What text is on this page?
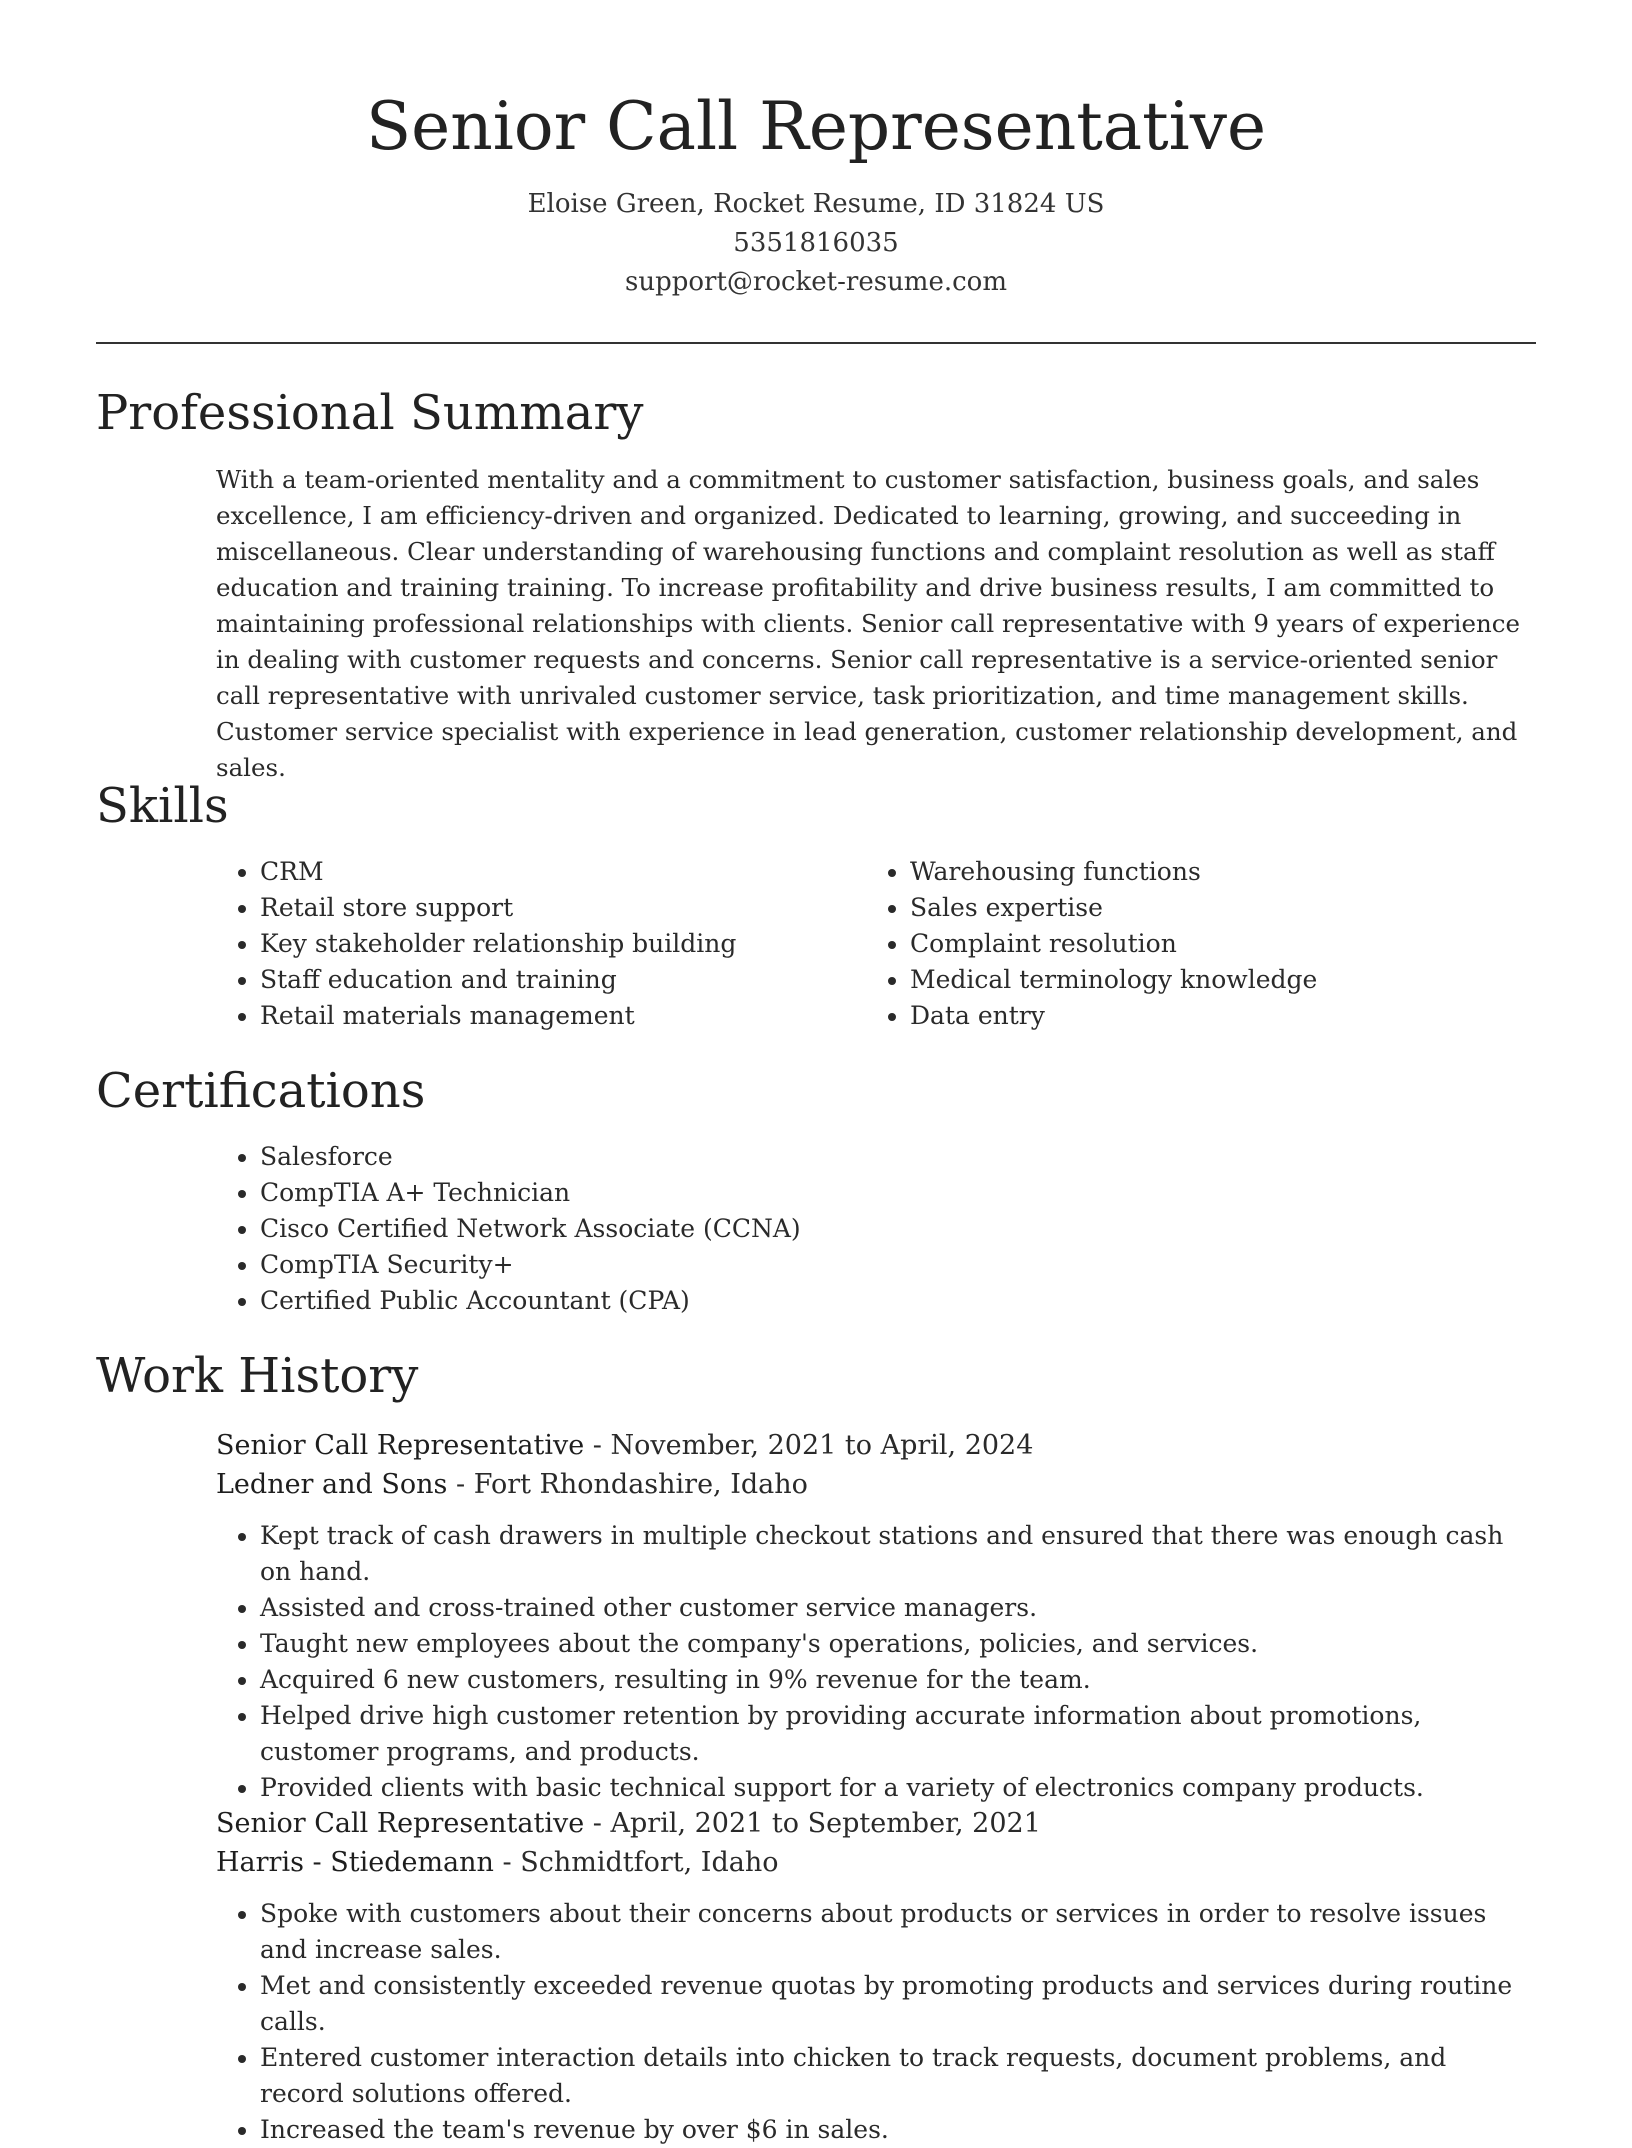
Senior Call Representative
Eloise Green, Rocket Resume, ID 31824 US
5351816035
support@rocket-resume.com
Professional Summary

With a team-oriented mentality and a commitment to customer satisfaction, business goals, and sales excellence, I am efficiency-driven and organized. Dedicated to learning, growing, and succeeding in miscellaneous. Clear understanding of warehousing functions and complaint resolution as well as staff education and training training. To increase profitability and drive business results, I am committed to maintaining professional relationships with clients. Senior call representative with 9 years of experience in dealing with customer requests and concerns. Senior call representative is a service-oriented senior call representative with unrivaled customer service, task prioritization, and time management skills. Customer service specialist with experience in lead generation, customer relationship development, and sales.

Skills
• CRM
• Retail store support
• Key stakeholder relationship building
• Staff education and training
• Retail materials management
• Warehousing functions
• Sales expertise
• Complaint resolution
• Medical terminology knowledge
• Data entry
Certifications
• Salesforce
• CompTIA A+ Technician
• Cisco Certified Network Associate (CCNA)
• CompTIA Security+
• Certified Public Accountant (CPA)
Work History
Senior Call Representative - November, 2021 to April, 2024
Ledner and Sons - Fort Rhondashire, Idaho
• Kept track of cash drawers in multiple checkout stations and ensured that there was enough cash on hand.
• Assisted and cross-trained other customer service managers.
• Taught new employees about the company's operations, policies, and services.
• Acquired 6 new customers, resulting in 9% revenue for the team.
• Helped drive high customer retention by providing accurate information about promotions, customer programs, and products.
• Provided clients with basic technical support for a variety of electronics company products.
Senior Call Representative - April, 2021 to September, 2021
Harris - Stiedemann - Schmidtfort, Idaho
• Spoke with customers about their concerns about products or services in order to resolve issues and increase sales.
• Met and consistently exceeded revenue quotas by promoting products and services during routine calls.
• Entered customer interaction details into chicken to track requests, document problems, and record solutions offered.
• Increased the team's revenue by over $6 in sales.
